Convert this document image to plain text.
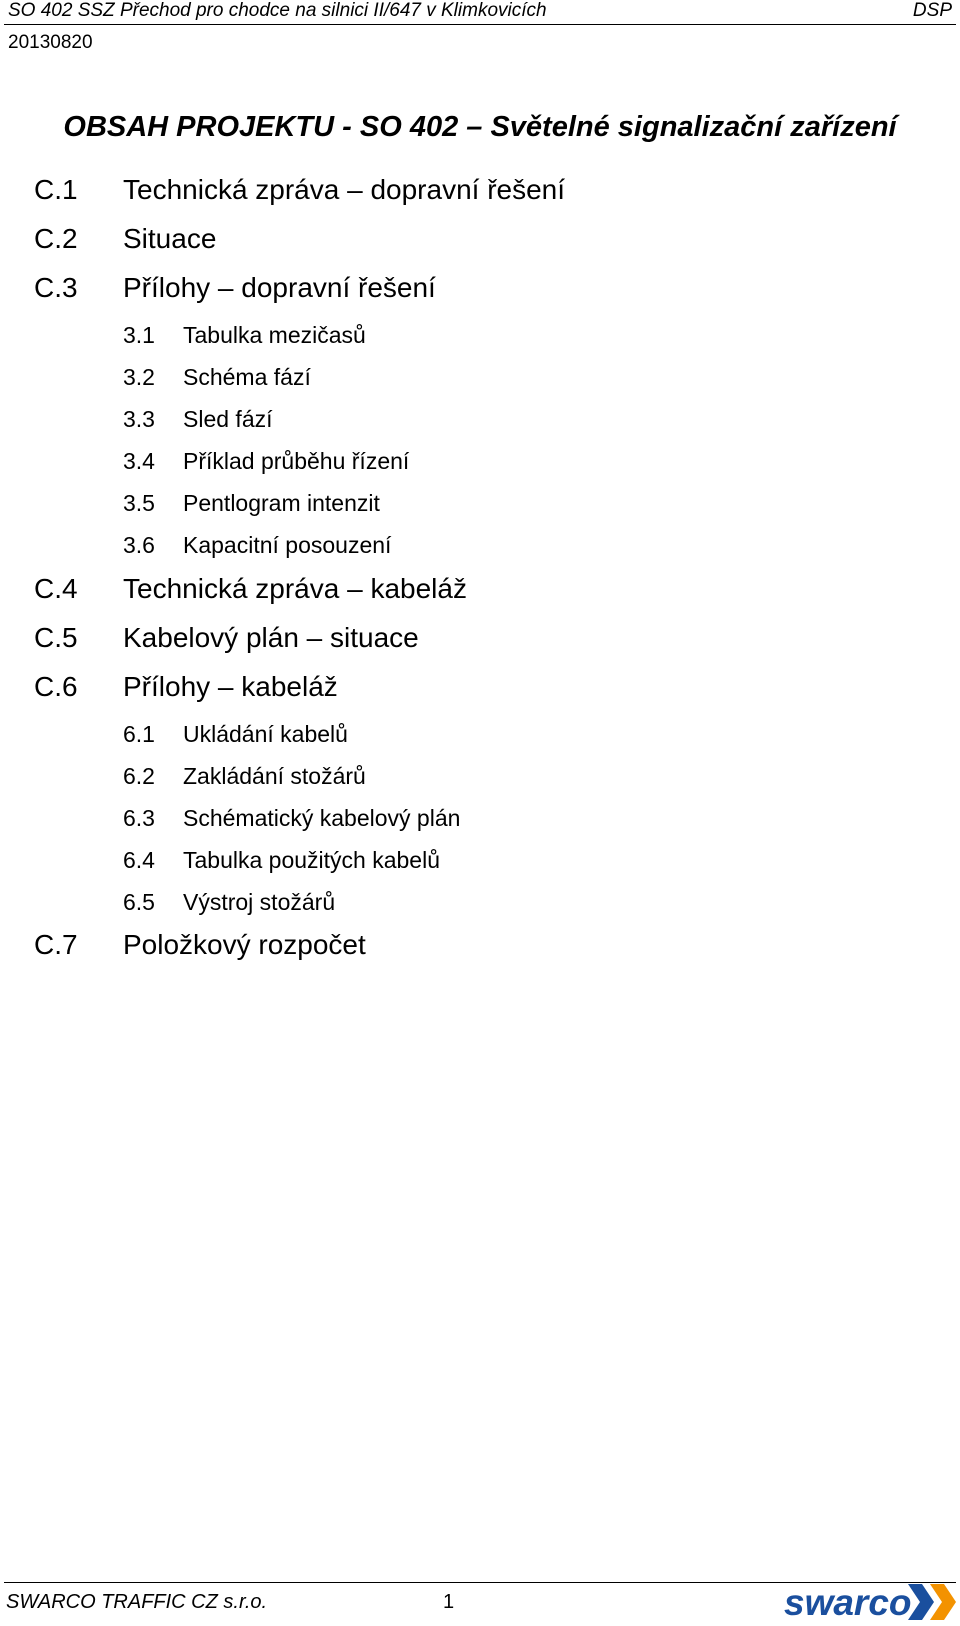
SO 402 SSZ Přechod pro chodce na silnici II/647 v Klimkovicích	DSP
20130820
OBSAH PROJEKTU - SO 402 – Světelné signalizační zařízení
C.1 Technická zpráva – dopravní řešení
C.2 Situace
C.3 Přílohy – dopravní řešení
3.1 Tabulka mezičasů
3.2 Schéma fází
3.3 Sled fází
3.4 Příklad průběhu řízení
3.5 Pentlogram intenzit
3.6 Kapacitní posouzení
C.4 Technická zpráva – kabeláž
C.5 Kabelový plán – situace
C.6 Přílohy – kabeláž
6.1 Ukládání kabelů
6.2 Zakládání stožárů
6.3 Schématický kabelový plán
6.4 Tabulka použitých kabelů
6.5 Výstroj stožárů
C.7 Položkový rozpočet
SWARCO TRAFFIC CZ s.r.o.	1	swarco
